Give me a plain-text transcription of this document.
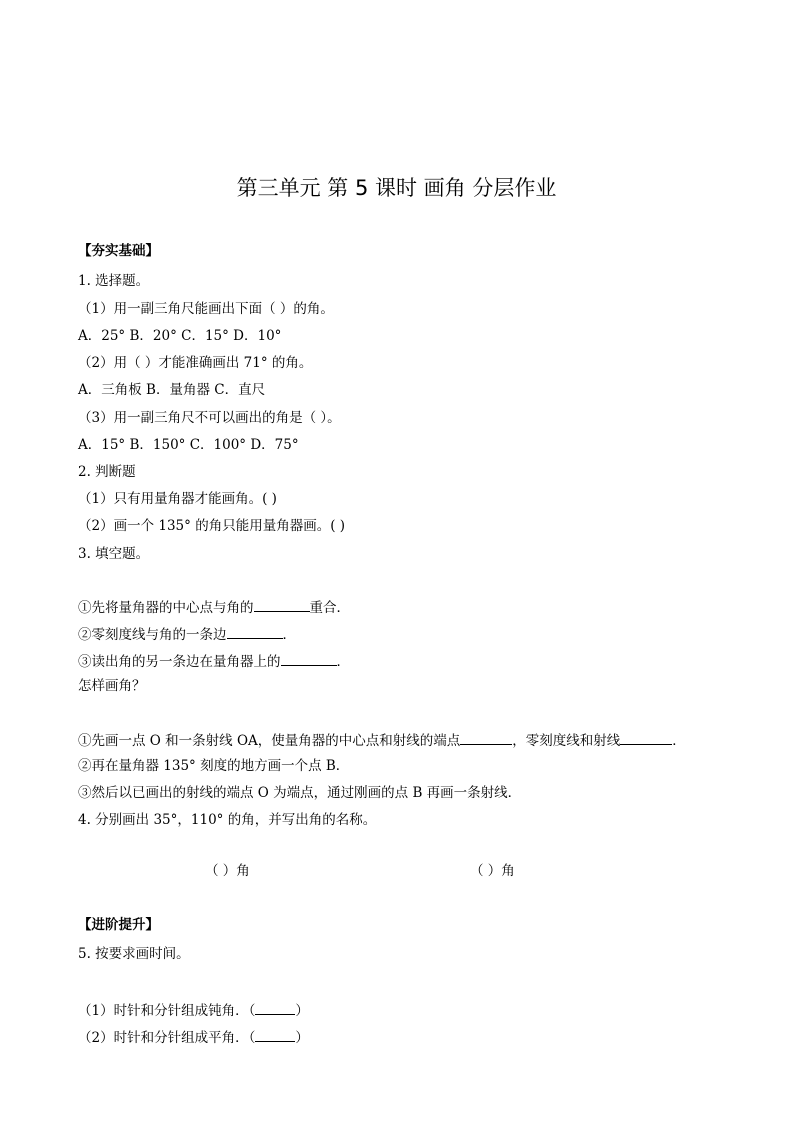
第三单元 第 5 课时 画角 分层作业
【夯实基础】
1. 选择题。
（1）用一副三角尺能画出下面（ ）的角。
A．25° B．20° C．15° D．10°
（2）用（ ）才能准确画出 71° 的角。
A．三角板 B．量角器 C．直尺
（3）用一副三角尺不可以画出的角是（ ）。
A．15° B．150° C．100° D．75°
2. 判断题
（1）只有用量角器才能画角。( )
（2）画一个 135° 的角只能用量角器画。( )
3. 填空题。
①先将量角器的中心点与角的	重合．
②零刻度线与角的一条边	．
③读出角的另一条边在量角器上的	．
怎样画角？
①先画一点 O 和一条射线 OA，使量角器的中心点和射线的端点	，零刻度线和射线	．
②再在量角器 135° 刻度的地方画一个点 B．
③然后以已画出的射线的端点 O 为端点，通过刚画的点 B 再画一条射线．
4. 分别画出 35°，110° 的角，并写出角的名称。
（ ）角	（ ）角
【进阶提升】
5. 按要求画时间。
（1）时针和分针组成钝角．（	）
（2）时针和分针组成平角．（	）
